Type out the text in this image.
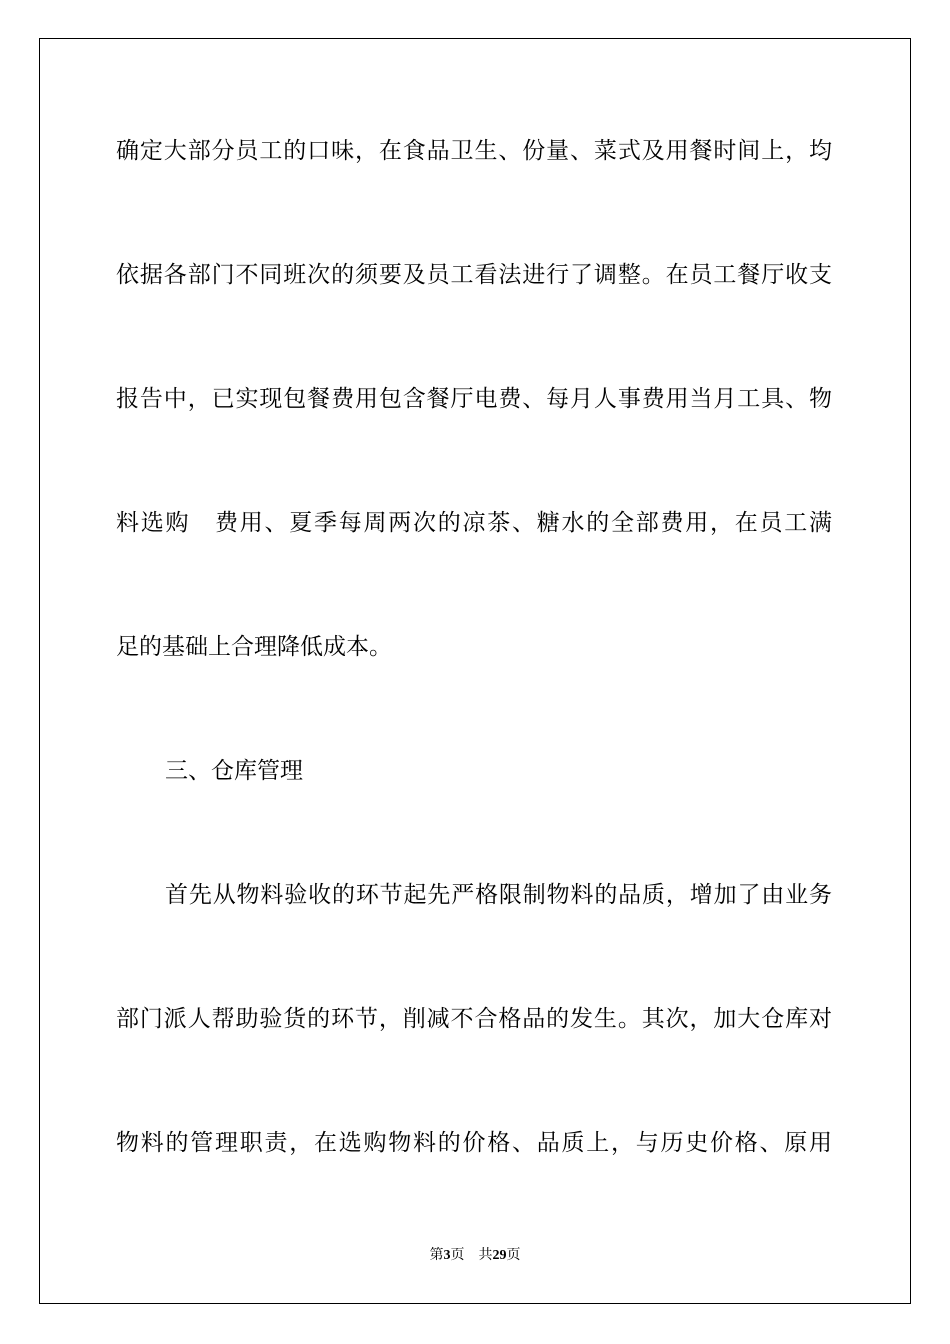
确定大部分员工的口味，在食品卫生、份量、菜式及用餐时间上，均
依据各部门不同班次的须要及员工看法进行了调整。在员工餐厅收支
报告中，已实现包餐费用包含餐厅电费、每月人事费用当月工具、物
料选购　费用、夏季每周两次的凉茶、糖水的全部费用，在员工满
足的基础上合理降低成本。
三、仓库管理
首先从物料验收的环节起先严格限制物料的品质，增加了由业务
部门派人帮助验货的环节，削减不合格品的发生。其次，加大仓库对
物料的管理职责，在选购物料的价格、品质上，与历史价格、原用
第3页 共29页
